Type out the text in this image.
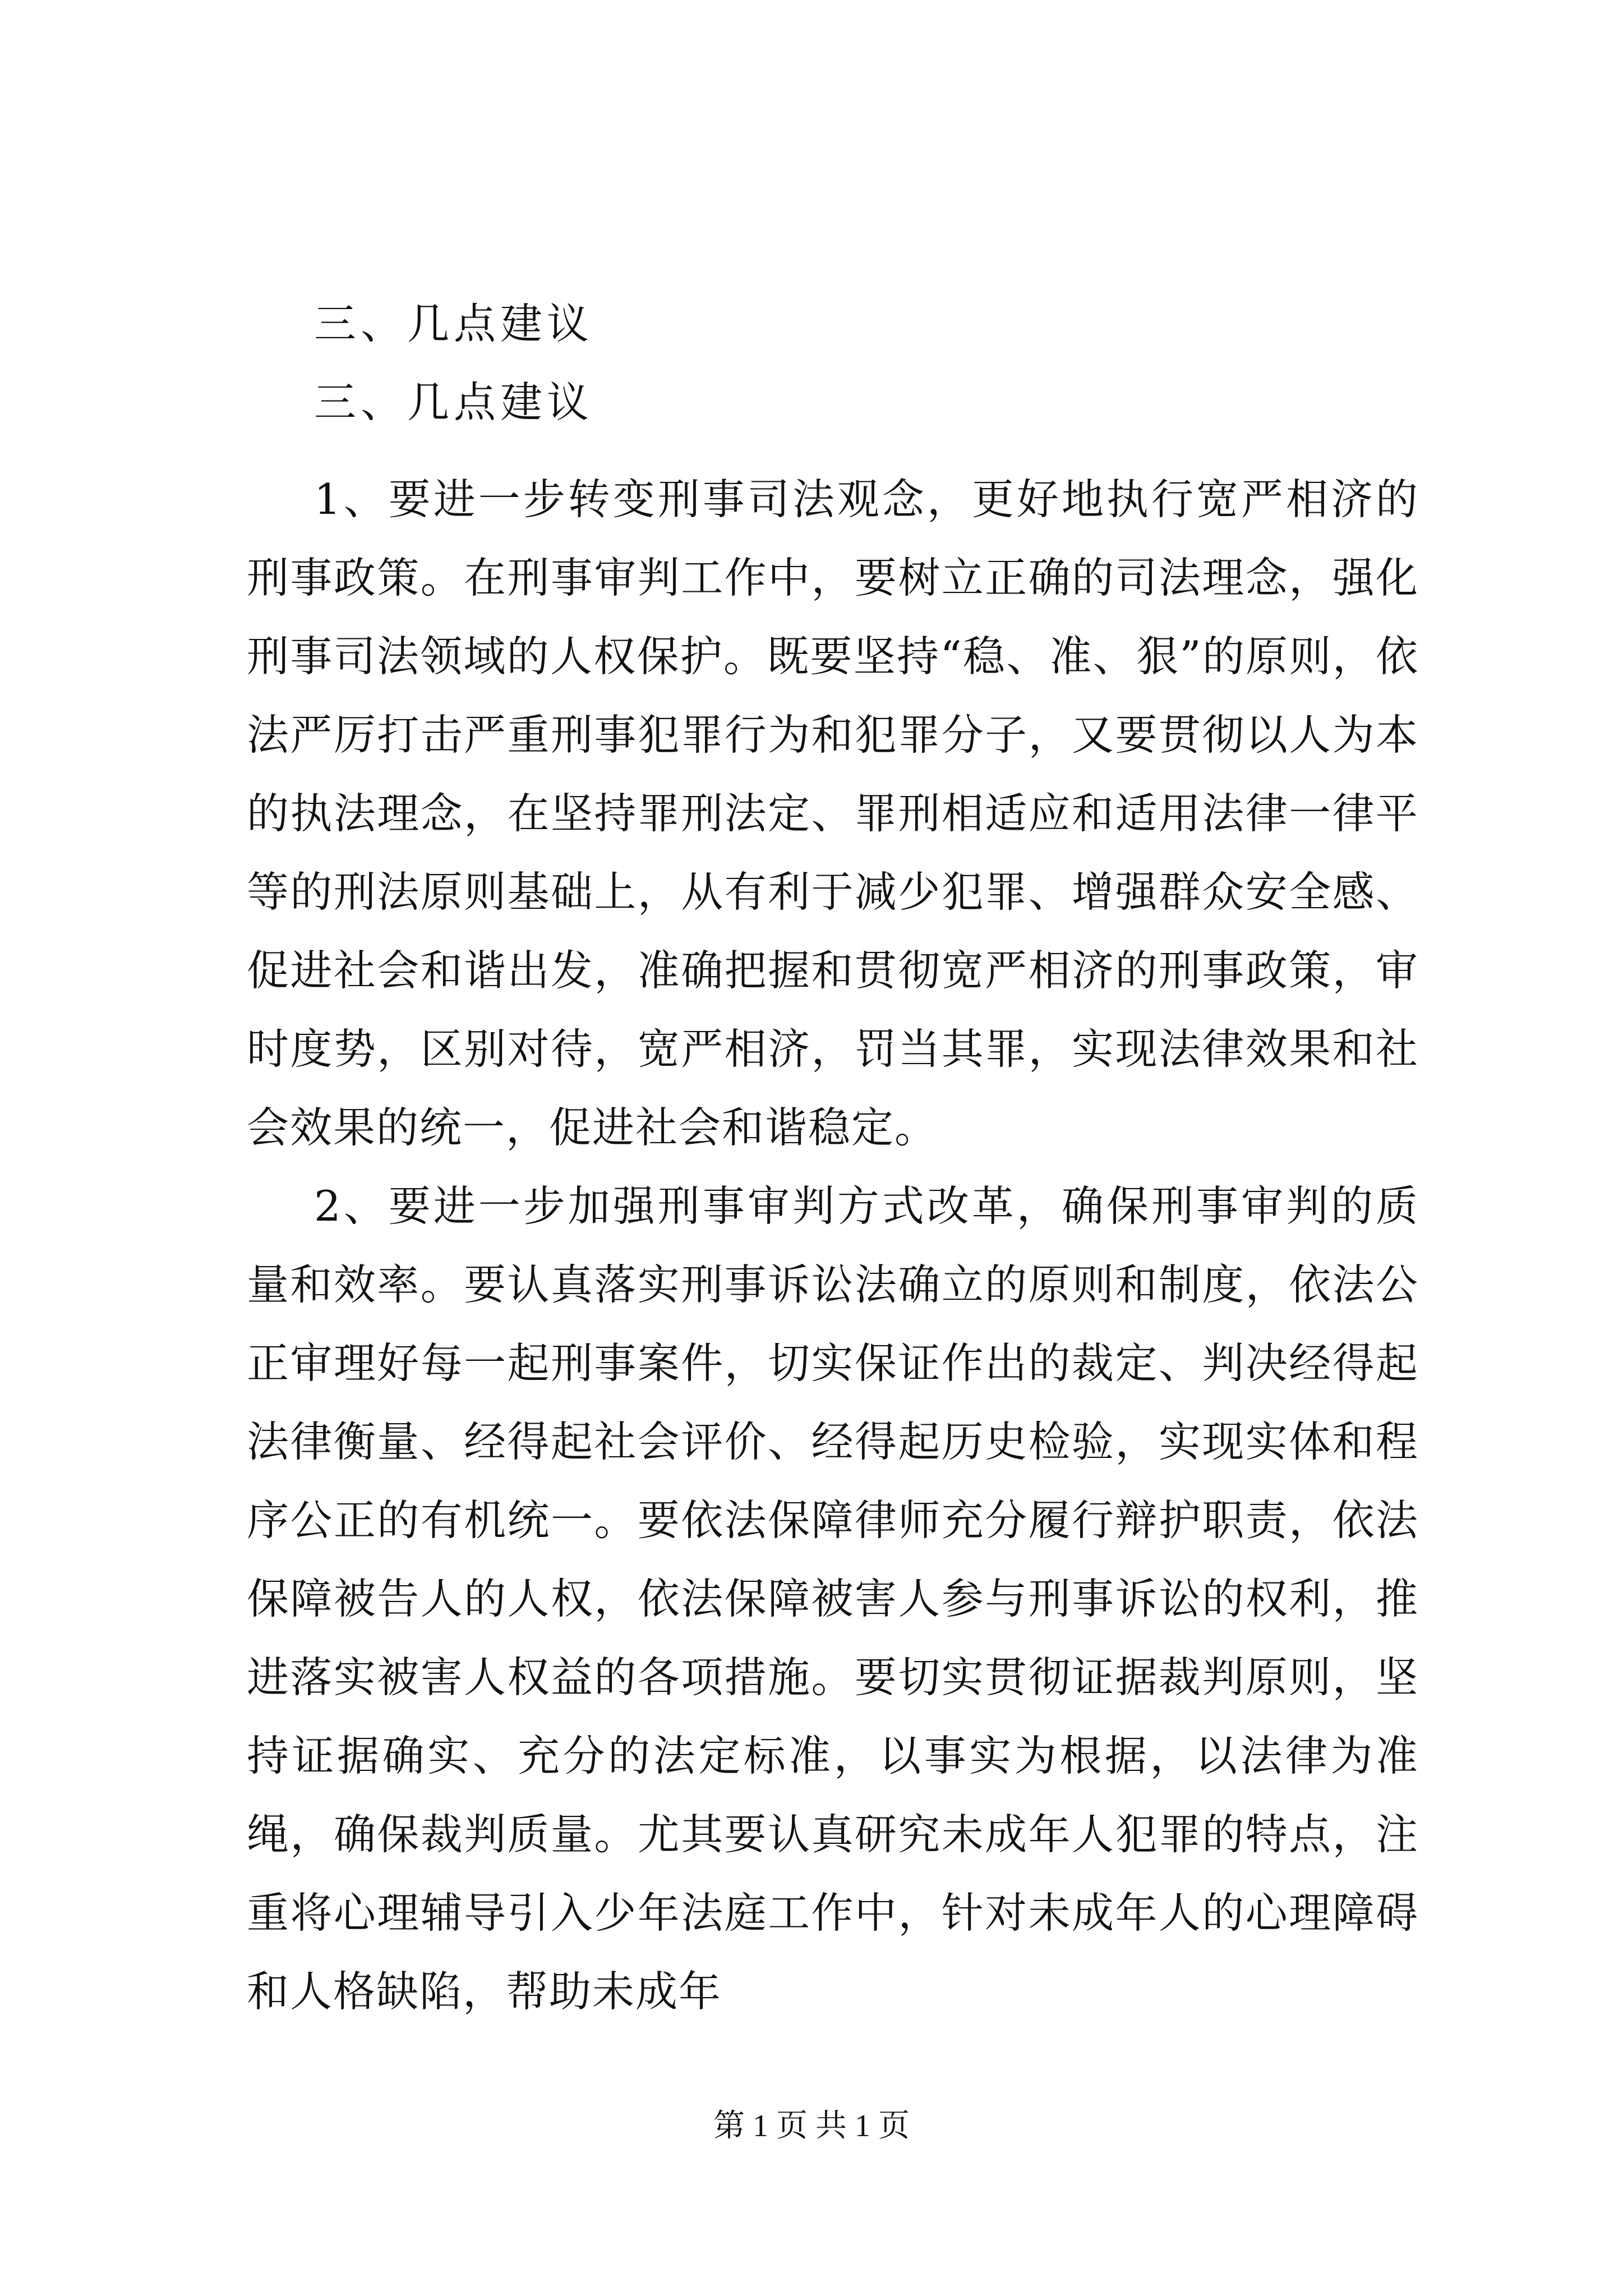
三、几点建议
三、几点建议

1、要进一步转变刑事司法观念，更好地执行宽严相济的刑事政策。在刑事审判工作中，要树立正确的司法理念，强化刑事司法领域的人权保护。既要坚持“稳、准、狠”的原则，依法严厉打击严重刑事犯罪行为和犯罪分子，又要贯彻以人为本的执法理念，在坚持罪刑法定、罪刑相适应和适用法律一律平等的刑法原则基础上，从有利于减少犯罪、增强群众安全感、促进社会和谐出发，准确把握和贯彻宽严相济的刑事政策，审时度势，区别对待，宽严相济，罚当其罪，实现法律效果和社会效果的统一，促进社会和谐稳定。

2、要进一步加强刑事审判方式改革，确保刑事审判的质量和效率。要认真落实刑事诉讼法确立的原则和制度，依法公正审理好每一起刑事案件，切实保证作出的裁定、判决经得起法律衡量、经得起社会评价、经得起历史检验，实现实体和程序公正的有机统一。要依法保障律师充分履行辩护职责，依法保障被告人的人权，依法保障被害人参与刑事诉讼的权利，推进落实被害人权益的各项措施。要切实贯彻证据裁判原则，坚持证据确实、充分的法定标准，以事实为根据，以法律为准绳，确保裁判质量。尤其要认真研究未成年人犯罪的特点，注重将心理辅导引入少年法庭工作中，针对未成年人的心理障碍和人格缺陷，帮助未成年

第 1 页 共 1 页
